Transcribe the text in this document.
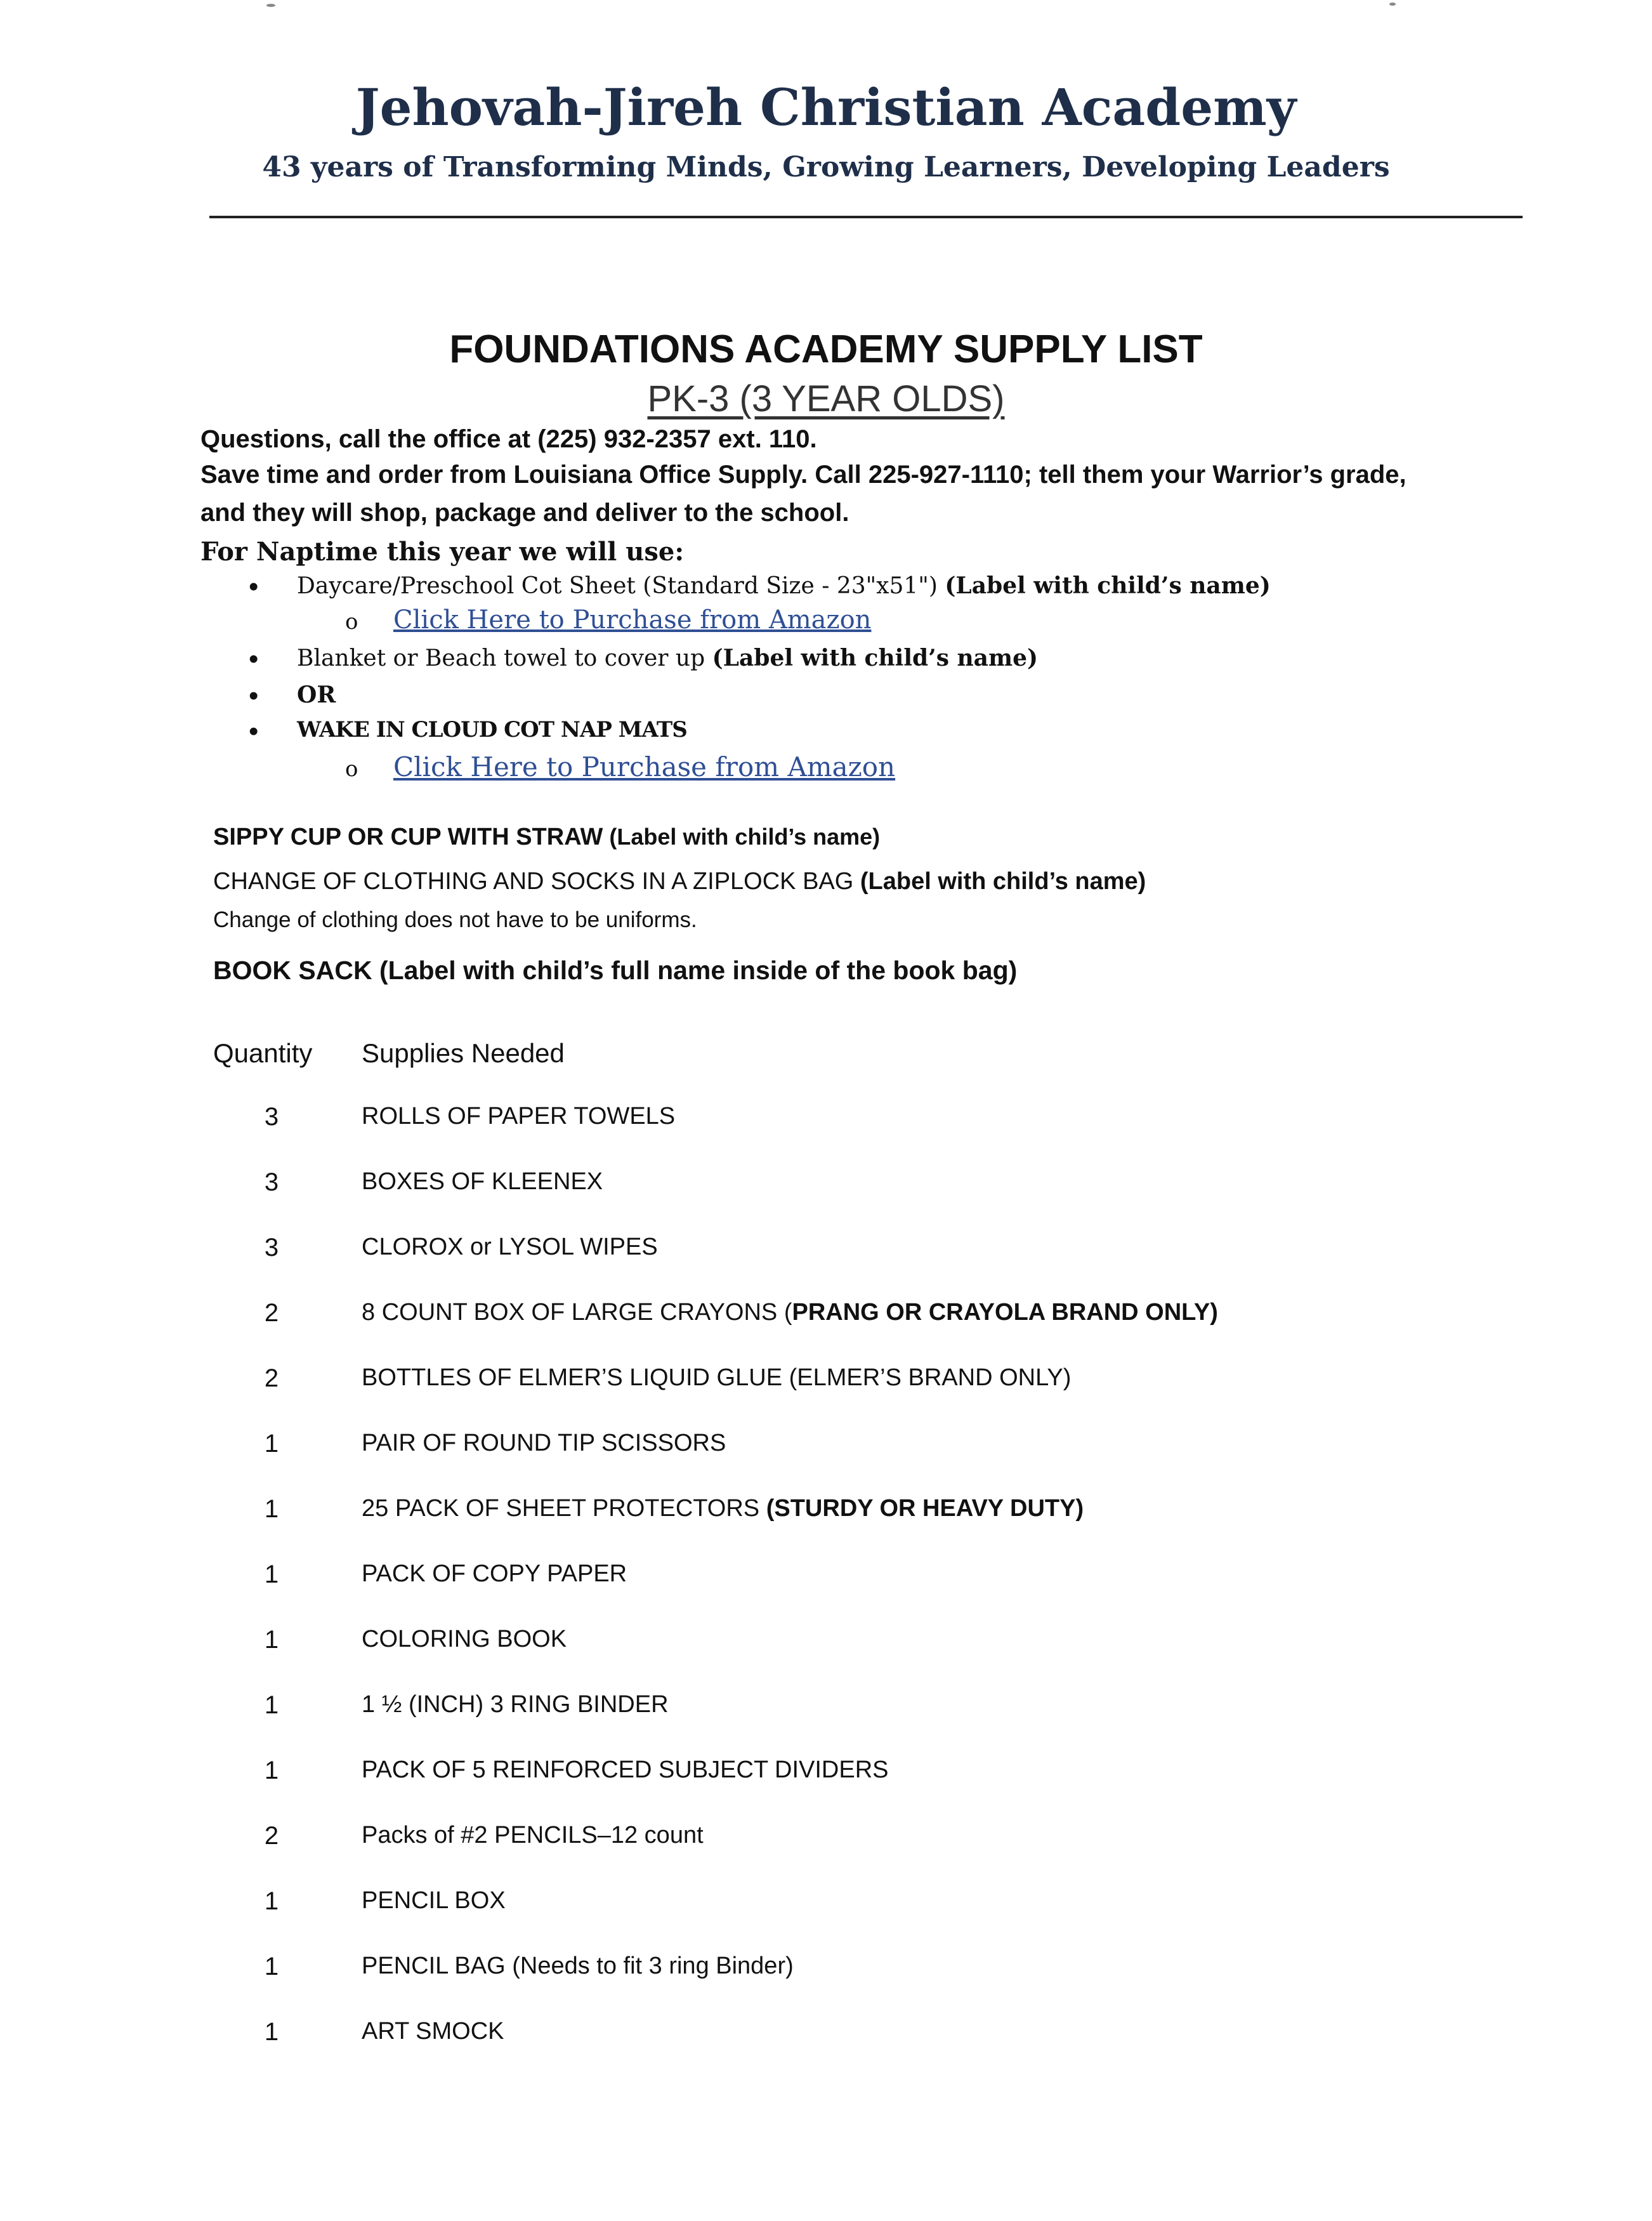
Jehovah-Jireh Christian Academy
43 years of Transforming Minds, Growing Learners, Developing Leaders
FOUNDATIONS ACADEMY SUPPLY LIST
PK-3 (3 YEAR OLDS)
Questions, call the office at (225) 932-2357 ext. 110.
Save time and order from Louisiana Office Supply. Call 225-927-1110; tell them your Warrior’s grade,
and they will shop, package and deliver to the school.
For Naptime this year we will use:
• Daycare/Preschool Cot Sheet (Standard Size - 23"x51") (Label with child’s name)
o Click Here to Purchase from Amazon
• Blanket or Beach towel to cover up (Label with child’s name)
• OR
• WAKE IN CLOUD COT NAP MATS
o Click Here to Purchase from Amazon
SIPPY CUP OR CUP WITH STRAW (Label with child’s name)
CHANGE OF CLOTHING AND SOCKS IN A ZIPLOCK BAG (Label with child’s name)
Change of clothing does not have to be uniforms.
BOOK SACK (Label with child’s full name inside of the book bag)
Quantity Supplies Needed
3	ROLLS OF PAPER TOWELS
3	BOXES OF KLEENEX
3	CLOROX or LYSOL WIPES
2	8 COUNT BOX OF LARGE CRAYONS (PRANG OR CRAYOLA BRAND ONLY)
2	BOTTLES OF ELMER’S LIQUID GLUE (ELMER’S BRAND ONLY)
1	PAIR OF ROUND TIP SCISSORS
1	25 PACK OF SHEET PROTECTORS (STURDY OR HEAVY DUTY)
1	PACK OF COPY PAPER
1	COLORING BOOK
1	1 ½ (INCH) 3 RING BINDER
1	PACK OF 5 REINFORCED SUBJECT DIVIDERS
2	Packs of #2 PENCILS–12 count
1	PENCIL BOX
1	PENCIL BAG (Needs to fit 3 ring Binder)
1	ART SMOCK
